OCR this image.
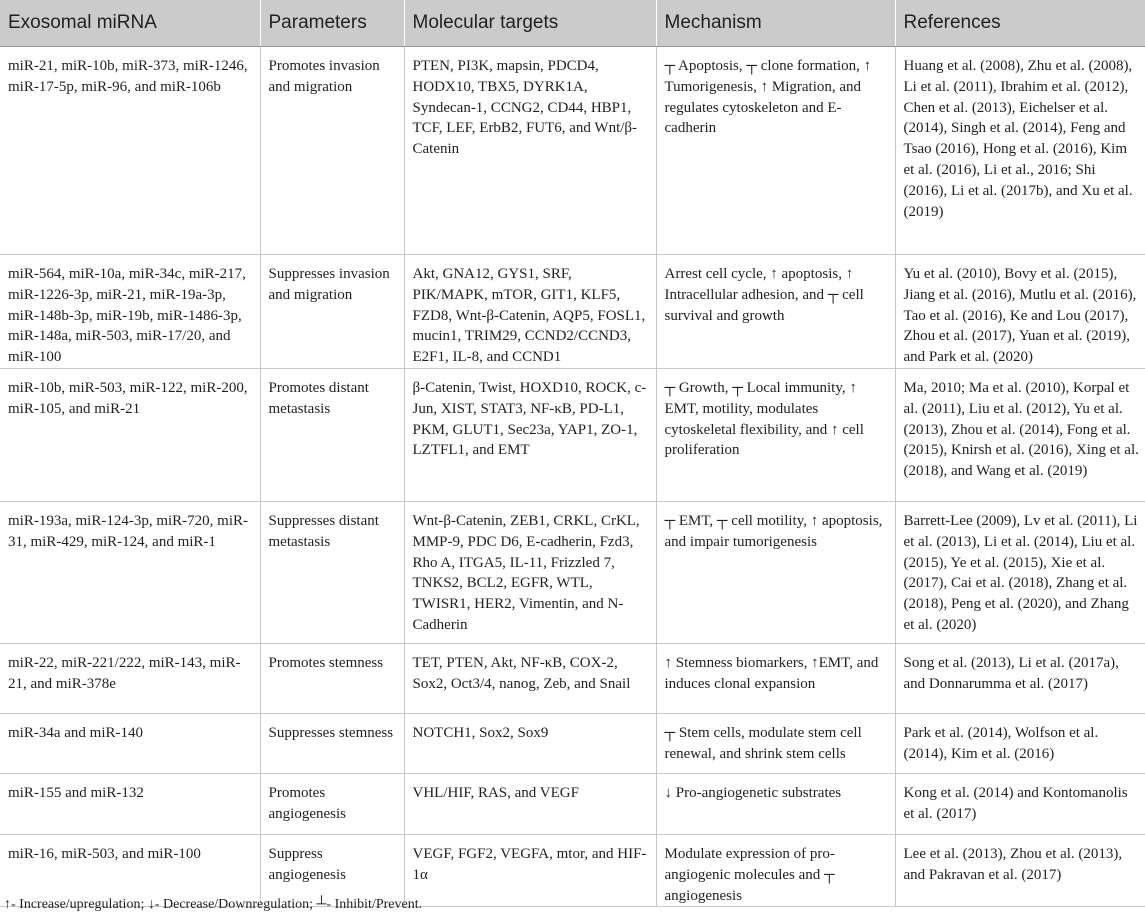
Exosomal miRNA	Parameters	Molecular targets	Mechanism	References
miR-21, miR-10b, miR-373, miR-1246, miR-17-5p, miR-96, and miR-106b	Promotes invasion and migration	PTEN, PI3K, mapsin, PDCD4, HODX10, TBX5, DYRK1A, Syndecan-1, CCNG2, CD44, HBP1, TCF, LEF, ErbB2, FUT6, and Wnt/β-Catenin	┬ Apoptosis, ┬ clone formation, ↑ Tumorigenesis, ↑ Migration, and regulates cytoskeleton and E-cadherin	Huang et al. (2008), Zhu et al. (2008), Li et al. (2011), Ibrahim et al. (2012), Chen et al. (2013), Eichelser et al. (2014), Singh et al. (2014), Feng and Tsao (2016), Hong et al. (2016), Kim et al. (2016), Li et al., 2016; Shi (2016), Li et al. (2017b), and Xu et al. (2019)
miR-564, miR-10a, miR-34c, miR-217, miR-1226-3p, miR-21, miR-19a-3p, miR-148b-3p, miR-19b, miR-1486-3p, miR-148a, miR-503, miR-17/20, and miR-100	Suppresses invasion and migration	Akt, GNA12, GYS1, SRF, PIK/MAPK, mTOR, GIT1, KLF5, FZD8, Wnt-β-Catenin, AQP5, FOSL1, mucin1, TRIM29, CCND2/CCND3, E2F1, IL-8, and CCND1	Arrest cell cycle, ↑ apoptosis, ↑ Intracellular adhesion, and ┬ cell survival and growth	Yu et al. (2010), Bovy et al. (2015), Jiang et al. (2016), Mutlu et al. (2016), Tao et al. (2016), Ke and Lou (2017), Zhou et al. (2017), Yuan et al. (2019), and Park et al. (2020)
miR-10b, miR-503, miR-122, miR-200, miR-105, and miR-21	Promotes distant metastasis	β-Catenin, Twist, HOXD10, ROCK, c-Jun, XIST, STAT3, NF-κB, PD-L1, PKM, GLUT1, Sec23a, YAP1, ZO-1, LZTFL1, and EMT	┬ Growth, ┬ Local immunity, ↑ EMT, motility, modulates cytoskeletal flexibility, and ↑ cell proliferation	Ma, 2010; Ma et al. (2010), Korpal et al. (2011), Liu et al. (2012), Yu et al. (2013), Zhou et al. (2014), Fong et al. (2015), Knirsh et al. (2016), Xing et al. (2018), and Wang et al. (2019)
miR-193a, miR-124-3p, miR-720, miR-31, miR-429, miR-124, and miR-1	Suppresses distant metastasis	Wnt-β-Catenin, ZEB1, CRKL, CrKL, MMP-9, PDC D6, E-cadherin, Fzd3, Rho A, ITGA5, IL-11, Frizzled 7, TNKS2, BCL2, EGFR, WTL, TWISR1, HER2, Vimentin, and N-Cadherin	┬ EMT, ┬ cell motility, ↑ apoptosis, and impair tumorigenesis	Barrett-Lee (2009), Lv et al. (2011), Li et al. (2013), Li et al. (2014), Liu et al. (2015), Ye et al. (2015), Xie et al. (2017), Cai et al. (2018), Zhang et al. (2018), Peng et al. (2020), and Zhang et al. (2020)
miR-22, miR-221/222, miR-143, miR-21, and miR-378e	Promotes stemness	TET, PTEN, Akt, NF-κB, COX-2, Sox2, Oct3/4, nanog, Zeb, and Snail	↑ Stemness biomarkers, ↑EMT, and induces clonal expansion	Song et al. (2013), Li et al. (2017a), and Donnarumma et al. (2017)
miR-34a and miR-140	Suppresses stemness	NOTCH1, Sox2, Sox9	┬ Stem cells, modulate stem cell renewal, and shrink stem cells	Park et al. (2014), Wolfson et al. (2014), Kim et al. (2016)
miR-155 and miR-132	Promotes angiogenesis	VHL/HIF, RAS, and VEGF	↓ Pro-angiogenetic substrates	Kong et al. (2014) and Kontomanolis et al. (2017)
miR-16, miR-503, and miR-100	Suppress angiogenesis	VEGF, FGF2, VEGFA, mtor, and HIF-1α	Modulate expression of pro-angiogenic molecules and ┬ angiogenesis	Lee et al. (2013), Zhou et al. (2013), and Pakravan et al. (2017)
↑- Increase/upregulation; ↓- Decrease/Downregulation; ┴- Inhibit/Prevent.
